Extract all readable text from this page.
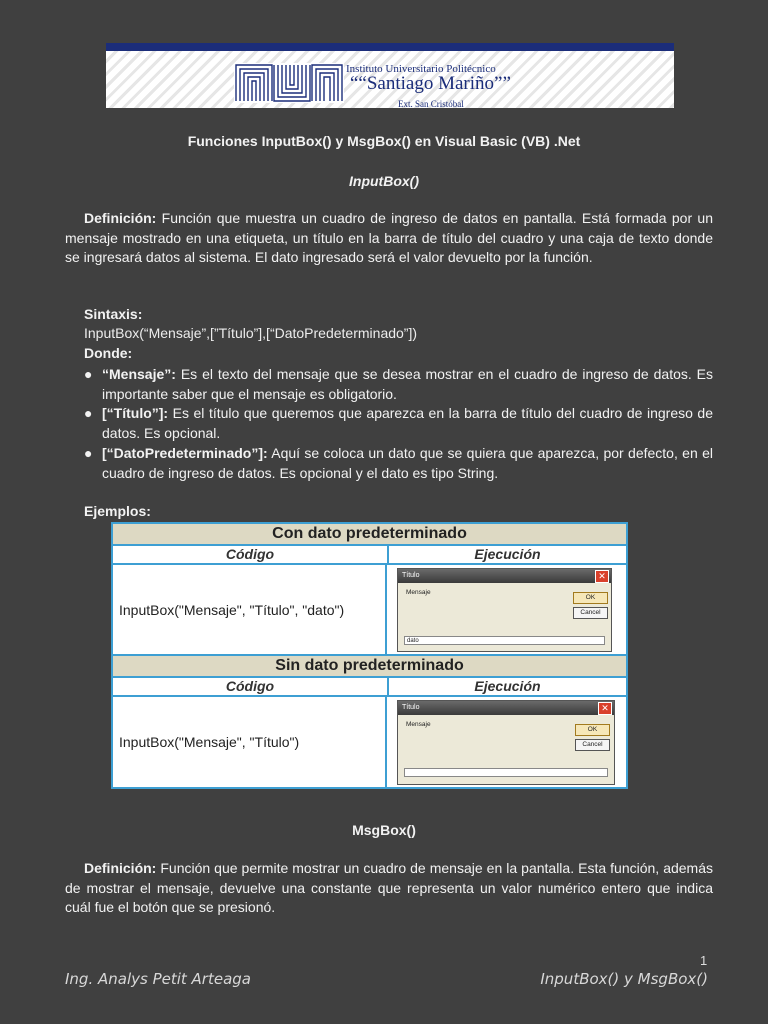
Instituto Universitario Politécnico
““Santiago Mariño””
Ext. San Cristóbal
Funciones InputBox() y MsgBox() en Visual Basic (VB) .Net
InputBox()
Definición: Función que muestra un cuadro de ingreso de datos en pantalla. Está formada por un mensaje mostrado en una etiqueta, un título en la barra de título del cuadro y una caja de texto donde se ingresará datos al sistema. El dato ingresado será el valor devuelto por la función.
Sintaxis:
InputBox(“Mensaje”,[”Título”],[“DatoPredeterminado”])
Donde:
● “Mensaje”: Es el texto del mensaje que se desea mostrar en el cuadro de ingreso de datos. Es importante saber que el mensaje es obligatorio.
● [“Título”]: Es el título que queremos que aparezca en la barra de título del cuadro de ingreso de datos. Es opcional.
● [“DatoPredeterminado”]: Aquí se coloca un dato que se quiera que aparezca, por defecto, en el cuadro de ingreso de datos. Es opcional y el dato es tipo String.
Ejemplos:
Con dato predeterminado
Código	Ejecución
InputBox("Mensaje", "Título", "dato")
Título	✕
Mensaje
OK
Cancel
dato
Sin dato predeterminado
Código	Ejecución
InputBox("Mensaje", "Título")
Título	✕
Mensaje
OK
Cancel
MsgBox()
Definición: Función que permite mostrar un cuadro de mensaje en la pantalla. Esta función, además de mostrar el mensaje, devuelve una constante que representa un valor numérico entero que indica cuál fue el botón que se presionó.
1
Ing. Analys Petit Arteaga	InputBox() y MsgBox()
